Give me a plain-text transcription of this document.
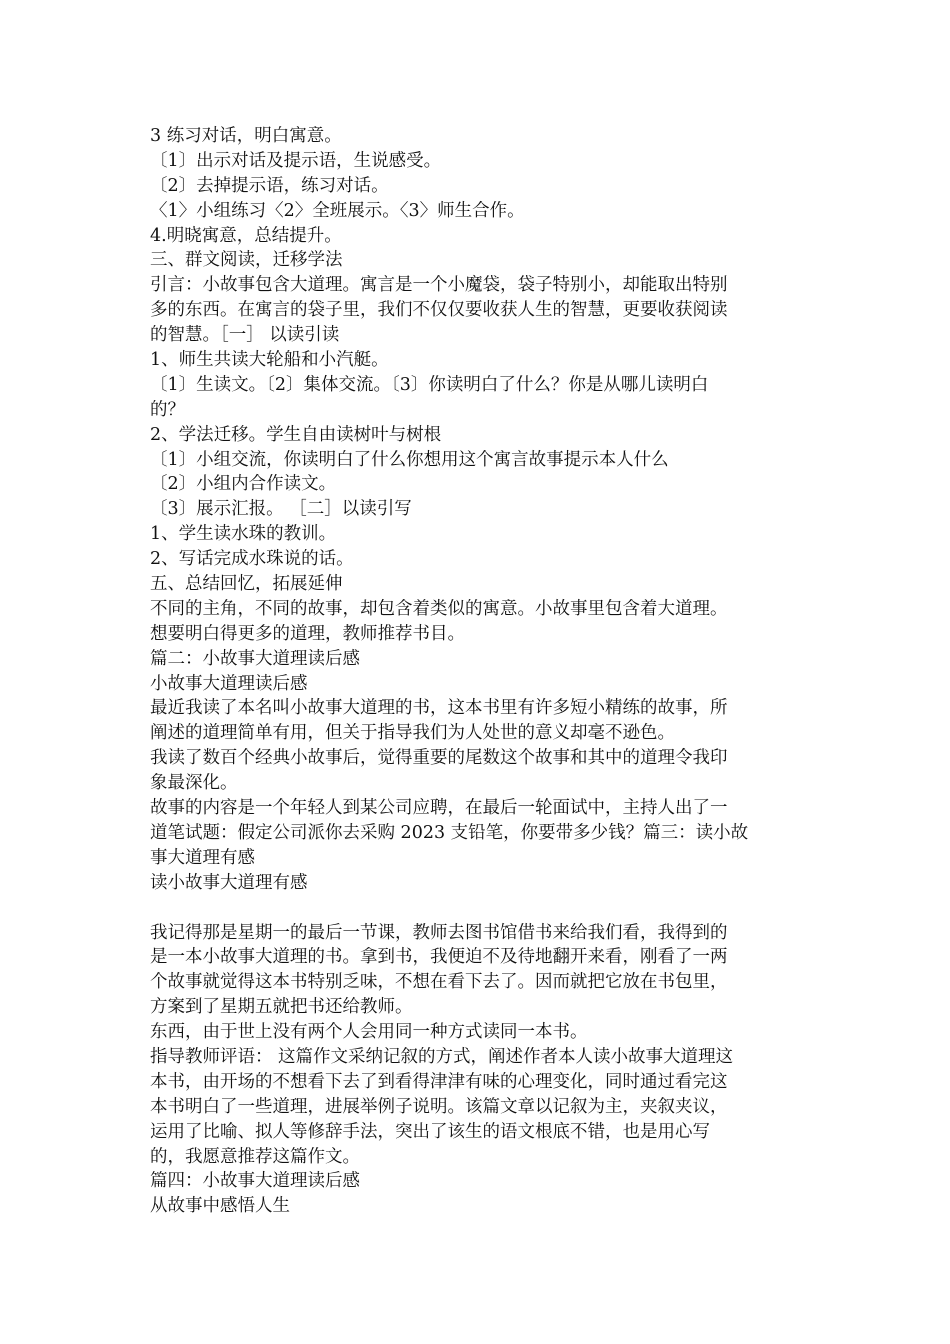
3 练习对话，明白寓意。
〔1〕出示对话及提示语，生说感受。
〔2〕去掉提示语，练习对话。
〈1〉小组练习〈2〉全班展示。〈3〉师生合作。
4.明晓寓意，总结提升。
三、群文阅读，迁移学法
引言：小故事包含大道理。寓言是一个小魔袋，袋子特别小，却能取出特别
多的东西。在寓言的袋子里，我们不仅仅要收获人生的智慧，更要收获阅读
的智慧。［一］ 以读引读
1、师生共读大轮船和小汽艇。
〔1〕生读文。〔2〕集体交流。〔3〕你读明白了什么？你是从哪儿读明白
的？
2、学法迁移。学生自由读树叶与树根
〔1〕小组交流，你读明白了什么你想用这个寓言故事提示本人什么
〔2〕小组内合作读文。
〔3〕展示汇报。 ［二］以读引写
1、学生读水珠的教训。
2、写话完成水珠说的话。
五、总结回忆，拓展延伸
不同的主角，不同的故事，却包含着类似的寓意。小故事里包含着大道理。
想要明白得更多的道理，教师推荐书目。
篇二：小故事大道理读后感
小故事大道理读后感
最近我读了本名叫小故事大道理的书，这本书里有许多短小精练的故事，所
阐述的道理简单有用，但关于指导我们为人处世的意义却毫不逊色。
我读了数百个经典小故事后，觉得重要的尾数这个故事和其中的道理令我印
象最深化。
故事的内容是一个年轻人到某公司应聘，在最后一轮面试中，主持人出了一
道笔试题：假定公司派你去采购 2023 支铅笔，你要带多少钱？篇三：读小故
事大道理有感
读小故事大道理有感
我记得那是星期一的最后一节课，教师去图书馆借书来给我们看，我得到的
是一本小故事大道理的书。拿到书，我便迫不及待地翻开来看，刚看了一两
个故事就觉得这本书特别乏味，不想在看下去了。因而就把它放在书包里，
方案到了星期五就把书还给教师。
东西，由于世上没有两个人会用同一种方式读同一本书。
指导教师评语： 这篇作文采纳记叙的方式，阐述作者本人读小故事大道理这
本书，由开场的不想看下去了到看得津津有味的心理变化，同时通过看完这
本书明白了一些道理，进展举例子说明。该篇文章以记叙为主，夹叙夹议，
运用了比喻、拟人等修辞手法，突出了该生的语文根底不错，也是用心写
的，我愿意推荐这篇作文。
篇四：小故事大道理读后感
从故事中感悟人生
